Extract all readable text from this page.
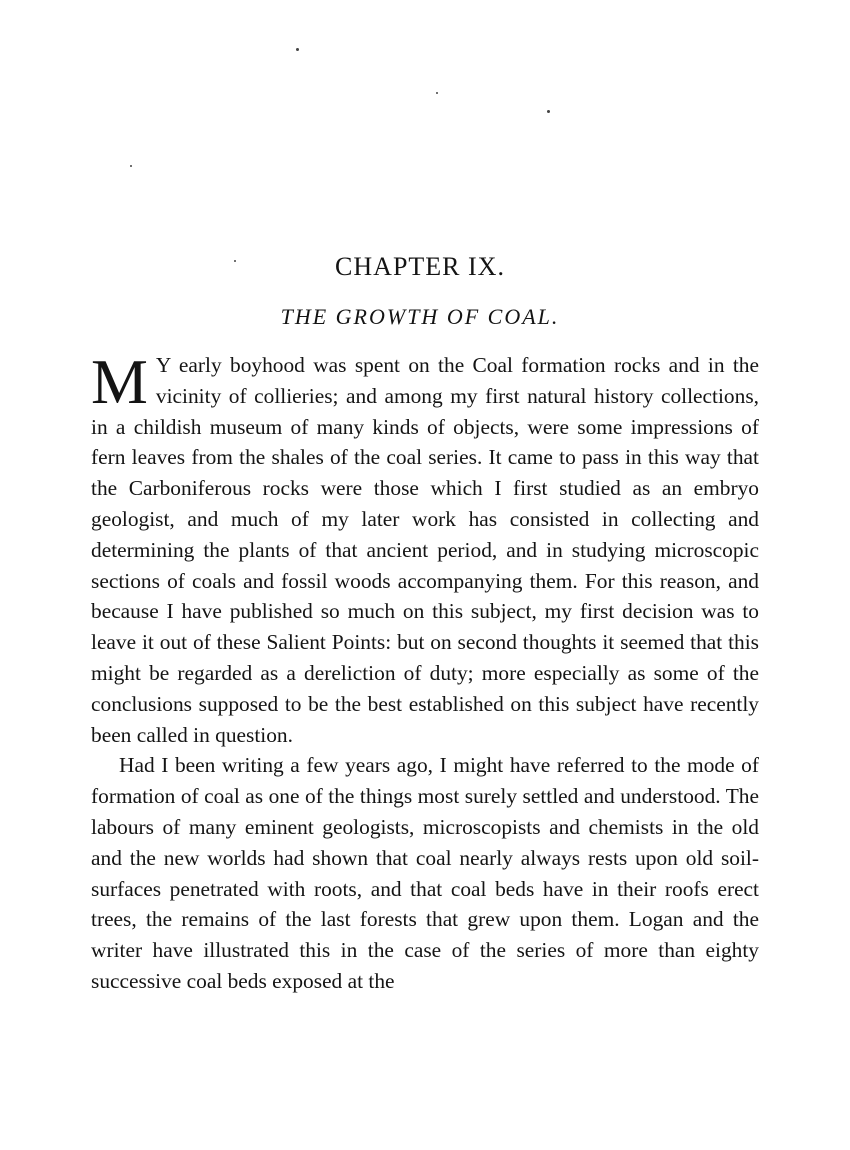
CHAPTER IX.
THE GROWTH OF COAL.

M Y early boyhood was spent on the Coal formation rocks and in the vicinity of collieries; and among my first natural history collections, in a childish museum of many kinds of objects, were some impressions of fern leaves from the shales of the coal series. It came to pass in this way that the Carboniferous rocks were those which I first studied as an embryo geologist, and much of my later work has consisted in collecting and determining the plants of that ancient period, and in studying microscopic sections of coals and fossil woods accompanying them. For this reason, and because I have published so much on this subject, my first decision was to leave it out of these Salient Points: but on second thoughts it seemed that this might be regarded as a dereliction of duty; more especially as some of the conclusions supposed to be the best established on this subject have recently been called in question.

Had I been writing a few years ago, I might have referred to the mode of formation of coal as one of the things most surely settled and understood. The labours of many eminent geologists, microscopists and chemists in the old and the new worlds had shown that coal nearly always rests upon old soil-surfaces penetrated with roots, and that coal beds have in their roofs erect trees, the remains of the last forests that grew upon them. Logan and the writer have illustrated this in the case of the series of more than eighty successive coal beds exposed at the
